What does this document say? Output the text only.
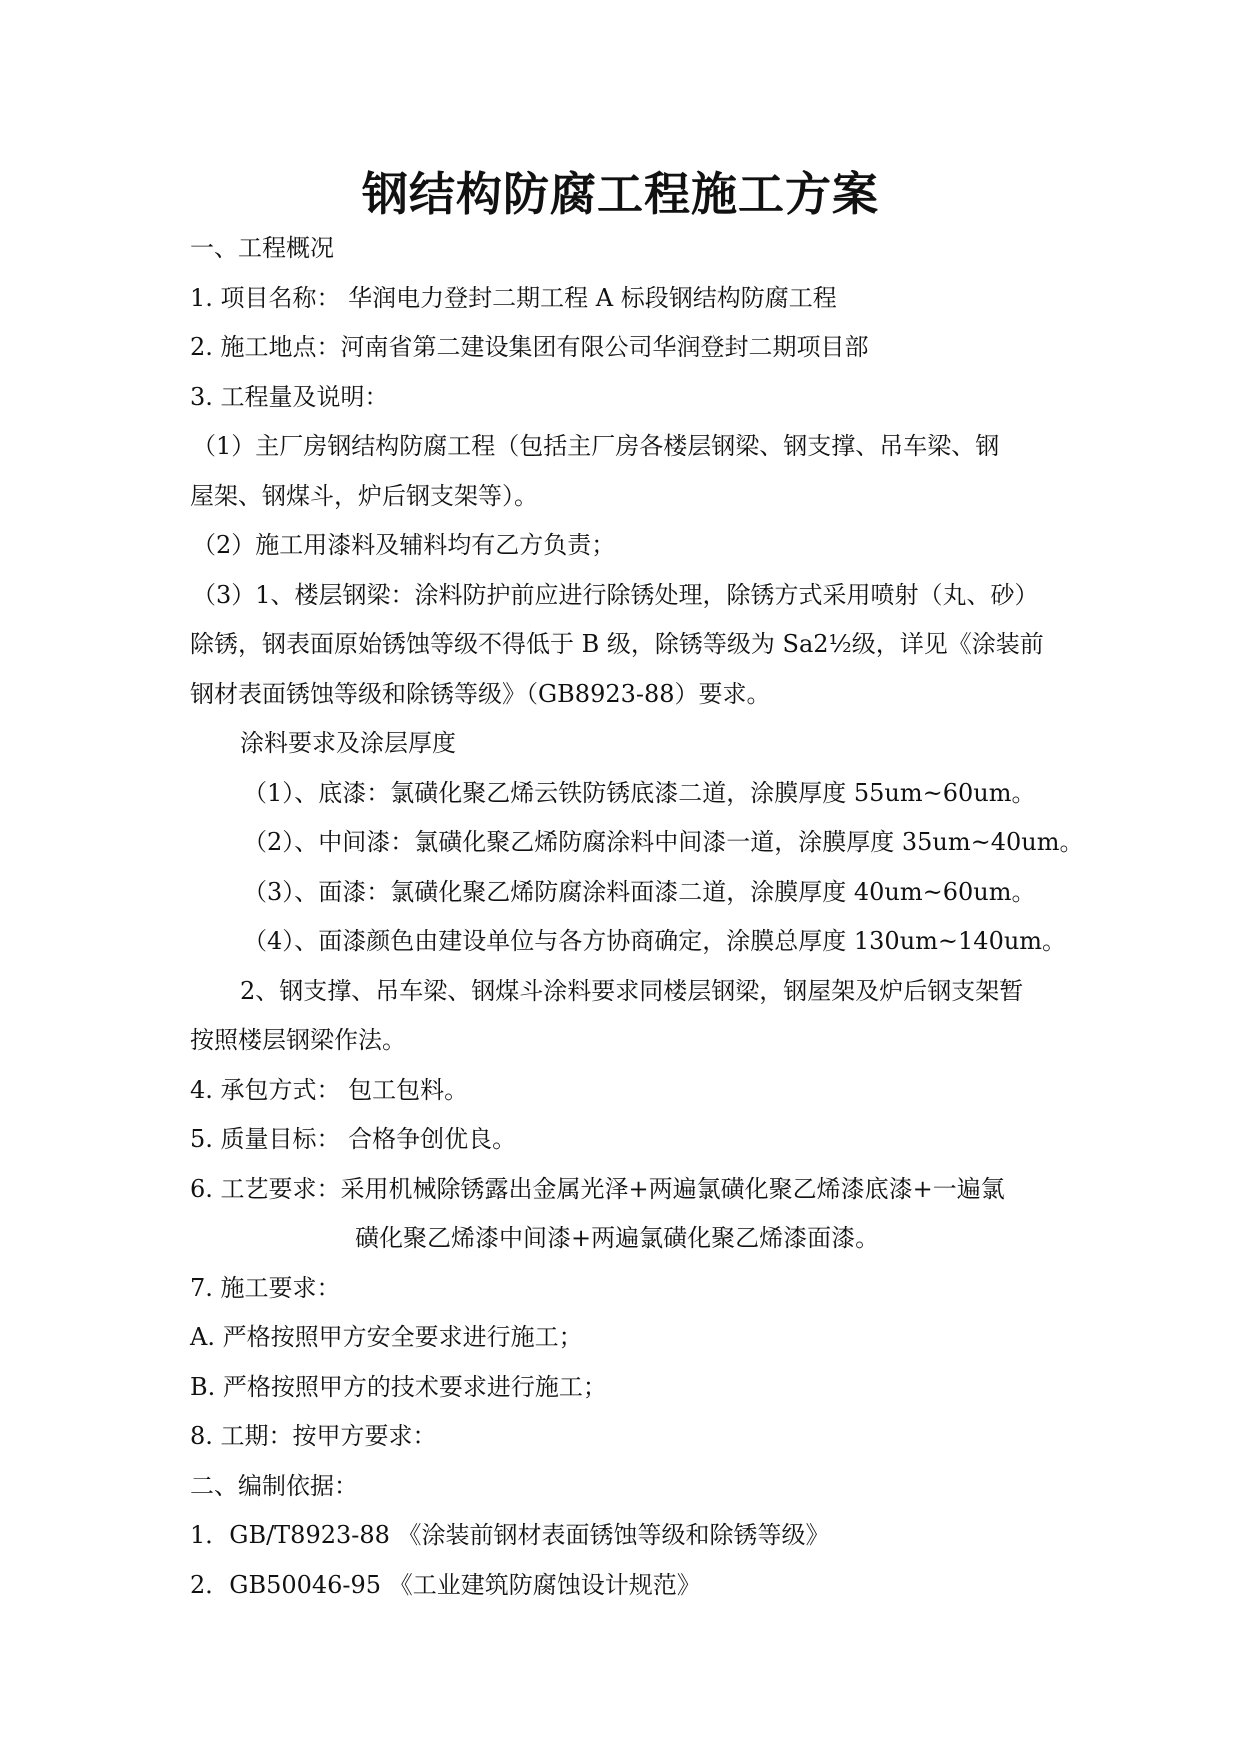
钢结构防腐工程施工方案
一、工程概况
1. 项目名称： 华润电力登封二期工程 A 标段钢结构防腐工程
2. 施工地点：河南省第二建设集团有限公司华润登封二期项目部
3. 工程量及说明：
（1）主厂房钢结构防腐工程（包括主厂房各楼层钢梁、钢支撑、吊车梁、钢
屋架、钢煤斗，炉后钢支架等）。
（2）施工用漆料及辅料均有乙方负责；
（3）1、楼层钢梁：涂料防护前应进行除锈处理，除锈方式采用喷射（丸、砂）
除锈，钢表面原始锈蚀等级不得低于 B 级，除锈等级为 Sa2½级，详见《涂装前
钢材表面锈蚀等级和除锈等级》（GB8923-88）要求。
涂料要求及涂层厚度
（1）、底漆：氯磺化聚乙烯云铁防锈底漆二道，涂膜厚度 55um~60um。
（2）、中间漆：氯磺化聚乙烯防腐涂料中间漆一道，涂膜厚度 35um~40um。
（3）、面漆：氯磺化聚乙烯防腐涂料面漆二道，涂膜厚度 40um~60um。
（4）、面漆颜色由建设单位与各方协商确定，涂膜总厚度 130um~140um。
2、钢支撑、吊车梁、钢煤斗涂料要求同楼层钢梁，钢屋架及炉后钢支架暂
按照楼层钢梁作法。
4. 承包方式： 包工包料。
5. 质量目标： 合格争创优良。
6. 工艺要求：采用机械除锈露出金属光泽+两遍氯磺化聚乙烯漆底漆+一遍氯
磺化聚乙烯漆中间漆+两遍氯磺化聚乙烯漆面漆。
7. 施工要求：
A. 严格按照甲方安全要求进行施工；
B. 严格按照甲方的技术要求进行施工；
8. 工期：按甲方要求：
二、编制依据：
1．GB/T8923-88 《涂装前钢材表面锈蚀等级和除锈等级》
2．GB50046-95 《工业建筑防腐蚀设计规范》
